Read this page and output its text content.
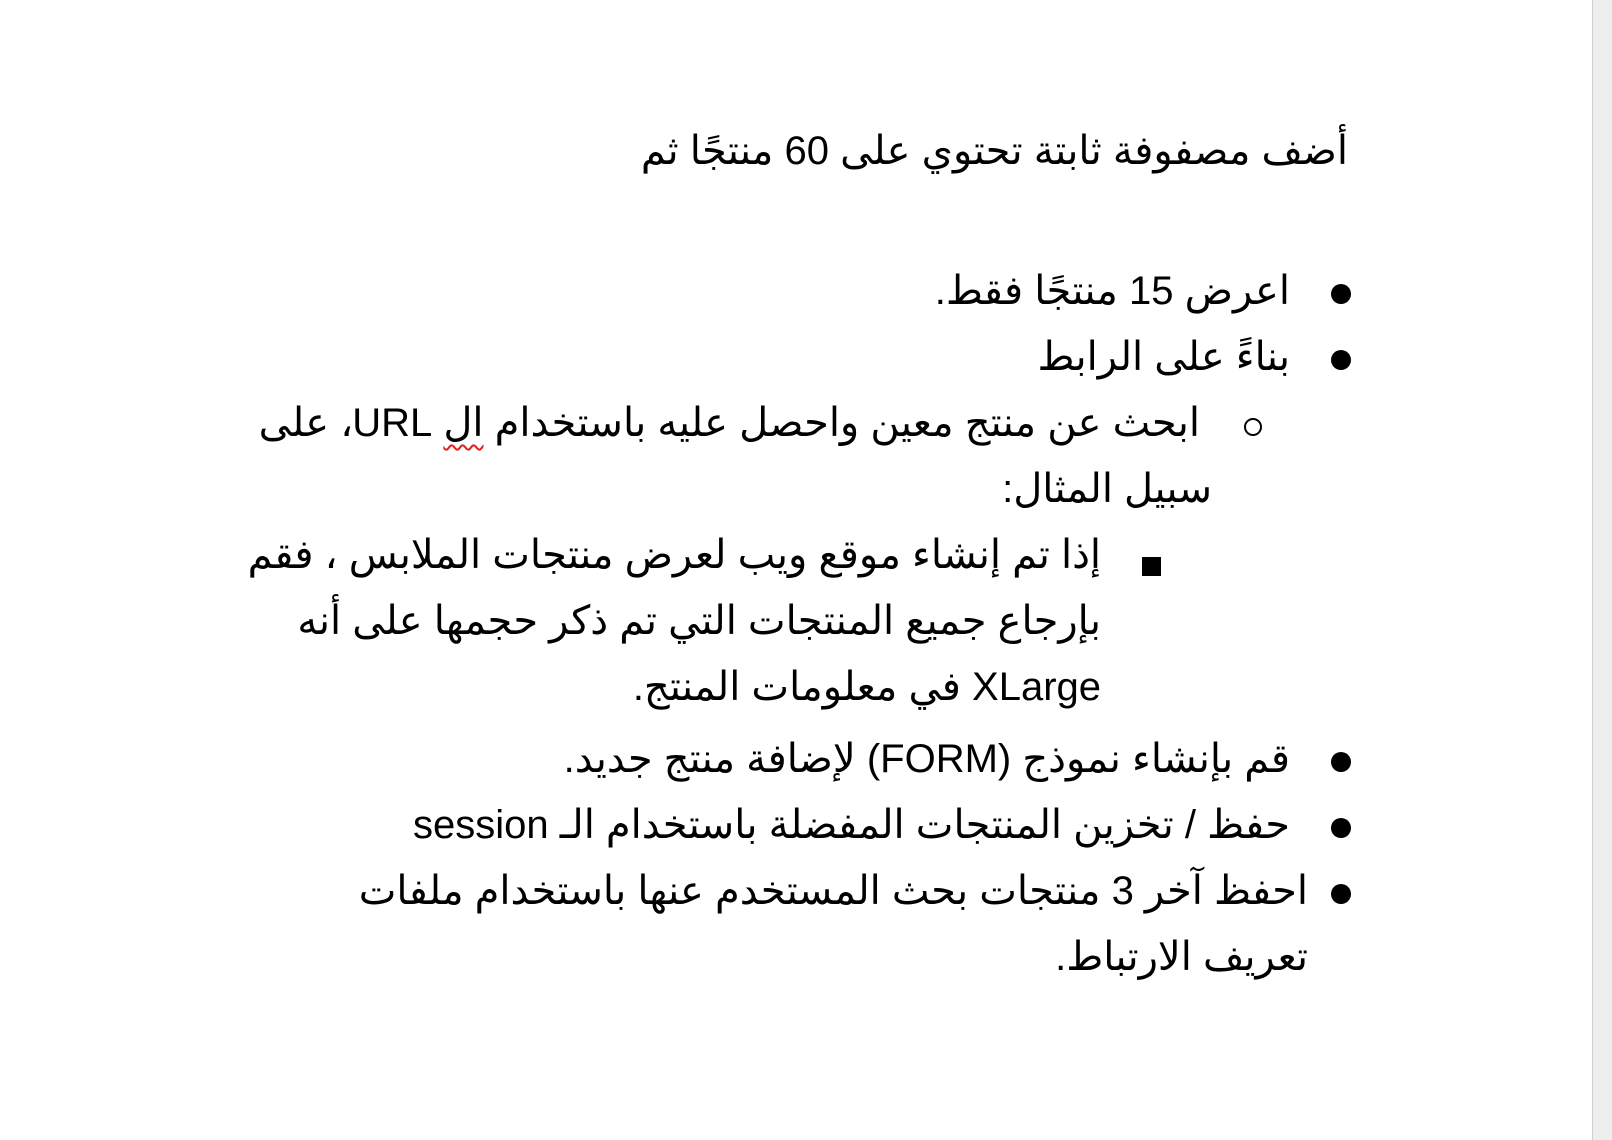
أضف مصفوفة ثابتة تحتوي على 60 منتجًا ثم
اعرض 15 منتجًا فقط.
بناءً على الرابط
ابحث عن منتج معين واحصل عليه باستخدام ال URL
، على سبيل المثال:
إذا تم إنشاء موقع ويب لعرض منتجات الملابس ، فقم
بإرجاع جميع المنتجات التي تم ذكر حجمها على أنه
XLarge في معلومات المنتج.
قم بإنشاء نموذج (FORM) لإضافة منتج جديد.
حفظ / تخزين المنتجات المفضلة باستخدام الـ session
احفظ آخر 3 منتجات بحث المستخدم عنها باستخدام ملفات تعريف الارتباط.
